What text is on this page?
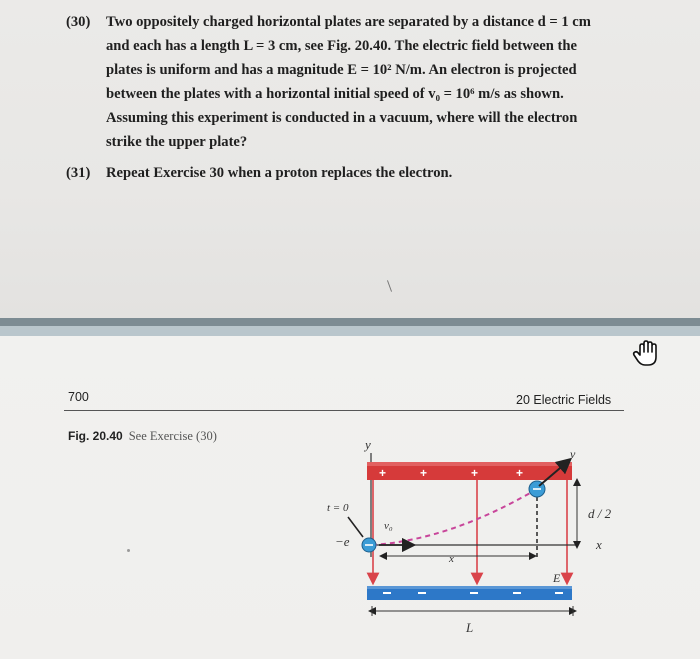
(30) Two oppositely charged horizontal plates are separated by a distance d = 1 cm
and each has a length L = 3 cm, see Fig. 20.40. The electric field between the
plates is uniform and has a magnitude E = 10² N/m. An electron is projected
between the plates with a horizontal initial speed of v₀ = 10⁶ m/s as shown.
Assuming this experiment is conducted in a vacuum, where will the electron
strike the upper plate?
(31) Repeat Exercise 30 when a proton replaces the electron.
700	20 Electric Fields
Fig. 20.40 See Exercise (30)
y
+	+	+	+
x
x
v₀
t = 0
−e
v⃗
d / 2
E
L
